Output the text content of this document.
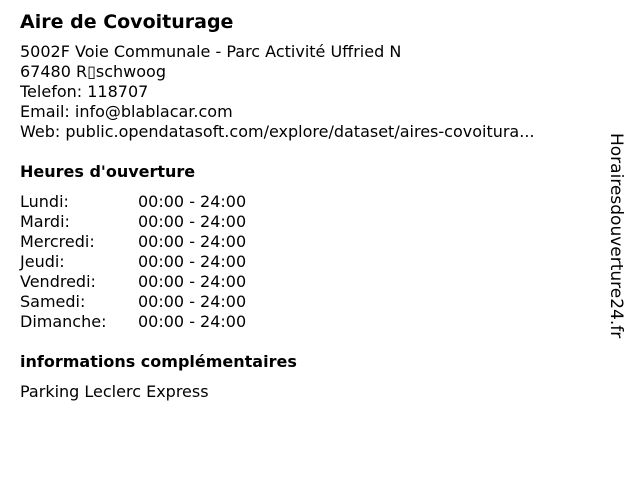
Aire de Covoiturage
5002F Voie Communale - Parc Activité Uffried N
67480 R▯schwoog
Telefon: 118707
Email: info@blablacar.com
Web: public.opendatasoft.com/explore/dataset/aires-covoitura...
Heures d'ouverture
Lundi:	00:00 - 24:00
Mardi:	00:00 - 24:00
Mercredi:	00:00 - 24:00
Jeudi:	00:00 - 24:00
Vendredi:	00:00 - 24:00
Samedi:	00:00 - 24:00
Dimanche:	00:00 - 24:00
informations complémentaires
Parking Leclerc Express
Horairesdouverture24.fr
